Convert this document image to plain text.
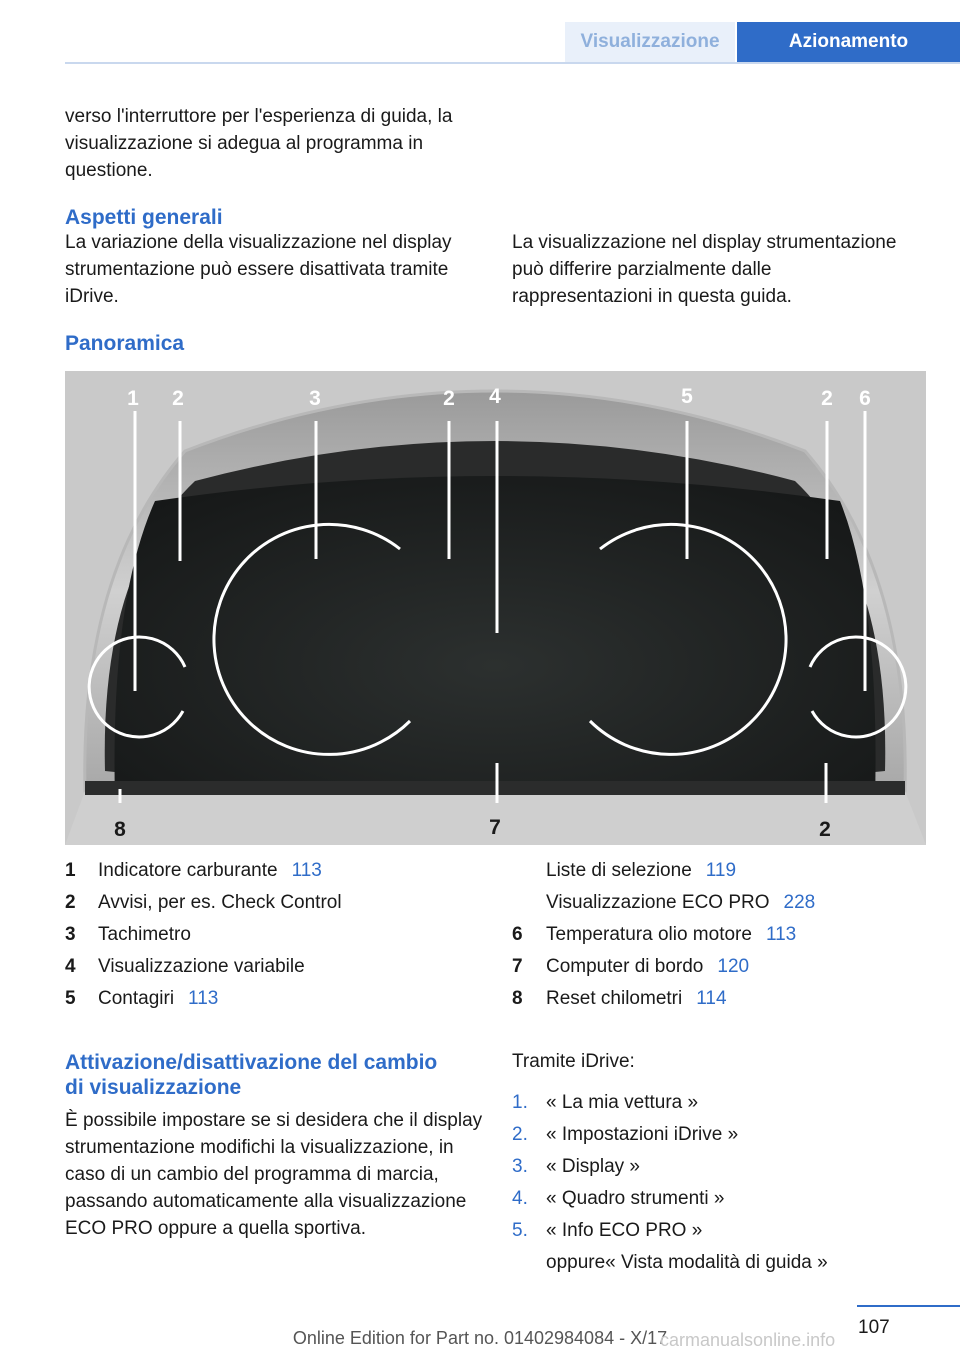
Visualizzazione	Azionamento

verso l'interruttore per l'esperienza di guida, la visualizzazione si adegua al programma in questione.

Aspetti generali

La variazione della visualizzazione nel display strumentazione può essere disattivata tramite iDrive.

La visualizzazione nel display strumentazione può differire parzialmente dalle rappresentazioni in questa guida.

Panoramica
1 2	3	2 4	5	2 6
8	7	2
1 Indicatore carburante 113
2 Avvisi, per es. Check Control
3 Tachimetro
4 Visualizzazione variabile
5 Contagiri 113
Liste di selezione 119
Visualizzazione ECO PRO 228
6 Temperatura olio motore 113
7 Computer di bordo 120
8 Reset chilometri 114
Attivazione/disattivazione del cambio
di visualizzazione

È possibile impostare se si desidera che il display strumentazione modifichi la visualizzazione, in caso di un cambio del programma di marcia, passando automaticamente alla visualizzazione ECO PRO oppure a quella sportiva.

Tramite iDrive:

1. « La mia vettura »
2. « Impostazioni iDrive »
3. « Display »
4. « Quadro strumenti »
5. « Info ECO PRO »
oppure« Vista modalità di guida »
107
Online Edition for Part no. 01402984084 - X/17
carmanualsonline.info
